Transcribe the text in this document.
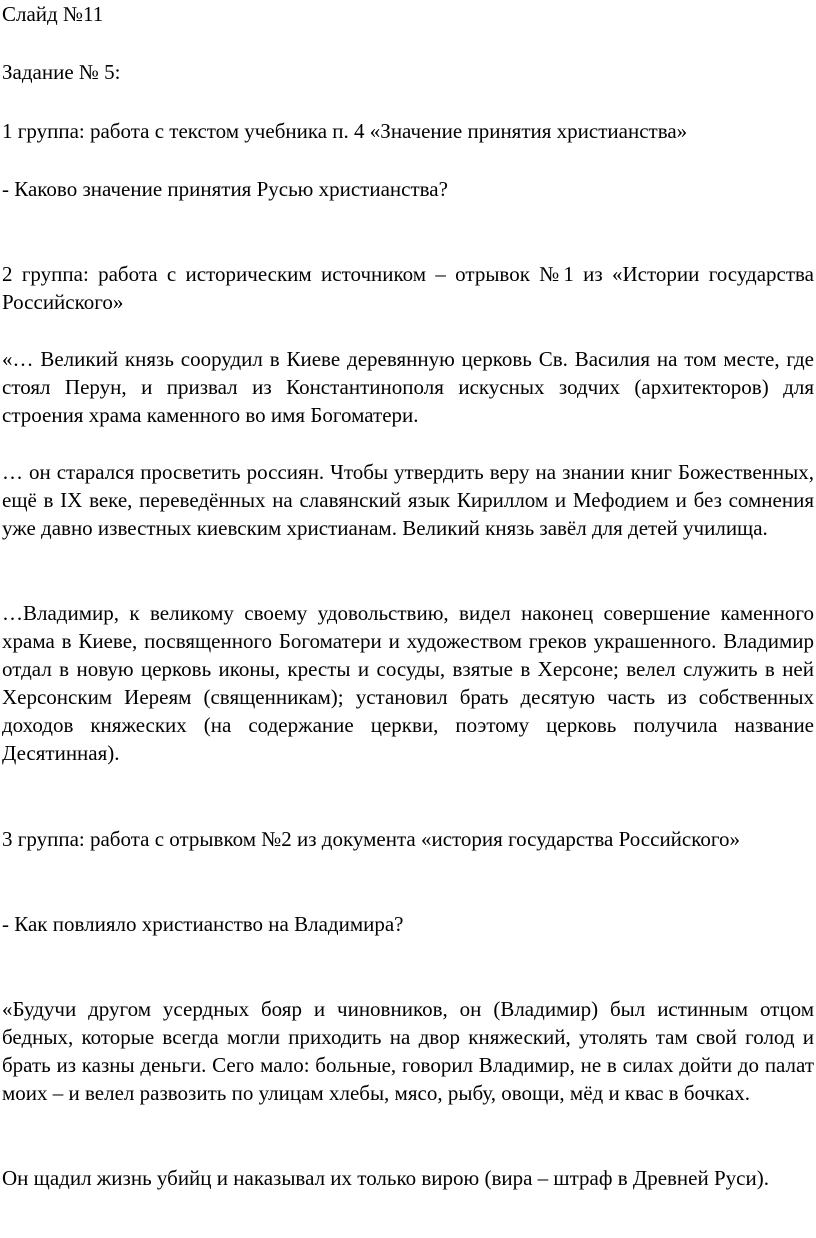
Слайд №11

Задание № 5:

1 группа: работа с текстом учебника п. 4 «Значение принятия христианства»

- Каково значение принятия Русью христианства?

2 группа: работа с историческим источником – отрывок №1 из «Истории государства Российского»

«… Великий князь соорудил в Киеве деревянную церковь Св. Василия на том месте, где стоял Перун, и призвал из Константинополя искусных зодчих (архитекторов) для строения храма каменного во имя Богоматери.

… он старался просветить россиян. Чтобы утвердить веру на знании книг Божественных, ещё в IX веке, переведённых на славянский язык Кириллом и Мефодием и без сомнения уже давно известных киевским христианам. Великий князь завёл для детей училища.

…Владимир, к великому своему удовольствию, видел наконец совершение каменного храма в Киеве, посвященного Богоматери и художеством греков украшенного. Владимир отдал в новую церковь иконы, кресты и сосуды, взятые в Херсоне; велел служить в ней Херсонским Иереям (священникам); установил брать десятую часть из собственных доходов княжеских (на содержание церкви, поэтому церковь получила название Десятинная).

3 группа: работа с отрывком №2 из документа «история государства Российского»

- Как повлияло христианство на Владимира?

«Будучи другом усердных бояр и чиновников, он (Владимир) был истинным отцом бедных, которые всегда могли приходить на двор княжеский, утолять там свой голод и брать из казны деньги. Сего мало: больные, говорил Владимир, не в силах дойти до палат моих – и велел развозить по улицам хлебы, мясо, рыбу, овощи, мёд и квас в бочках.

Он щадил жизнь убийц и наказывал их только вирою (вира – штраф в Древней Руси).
